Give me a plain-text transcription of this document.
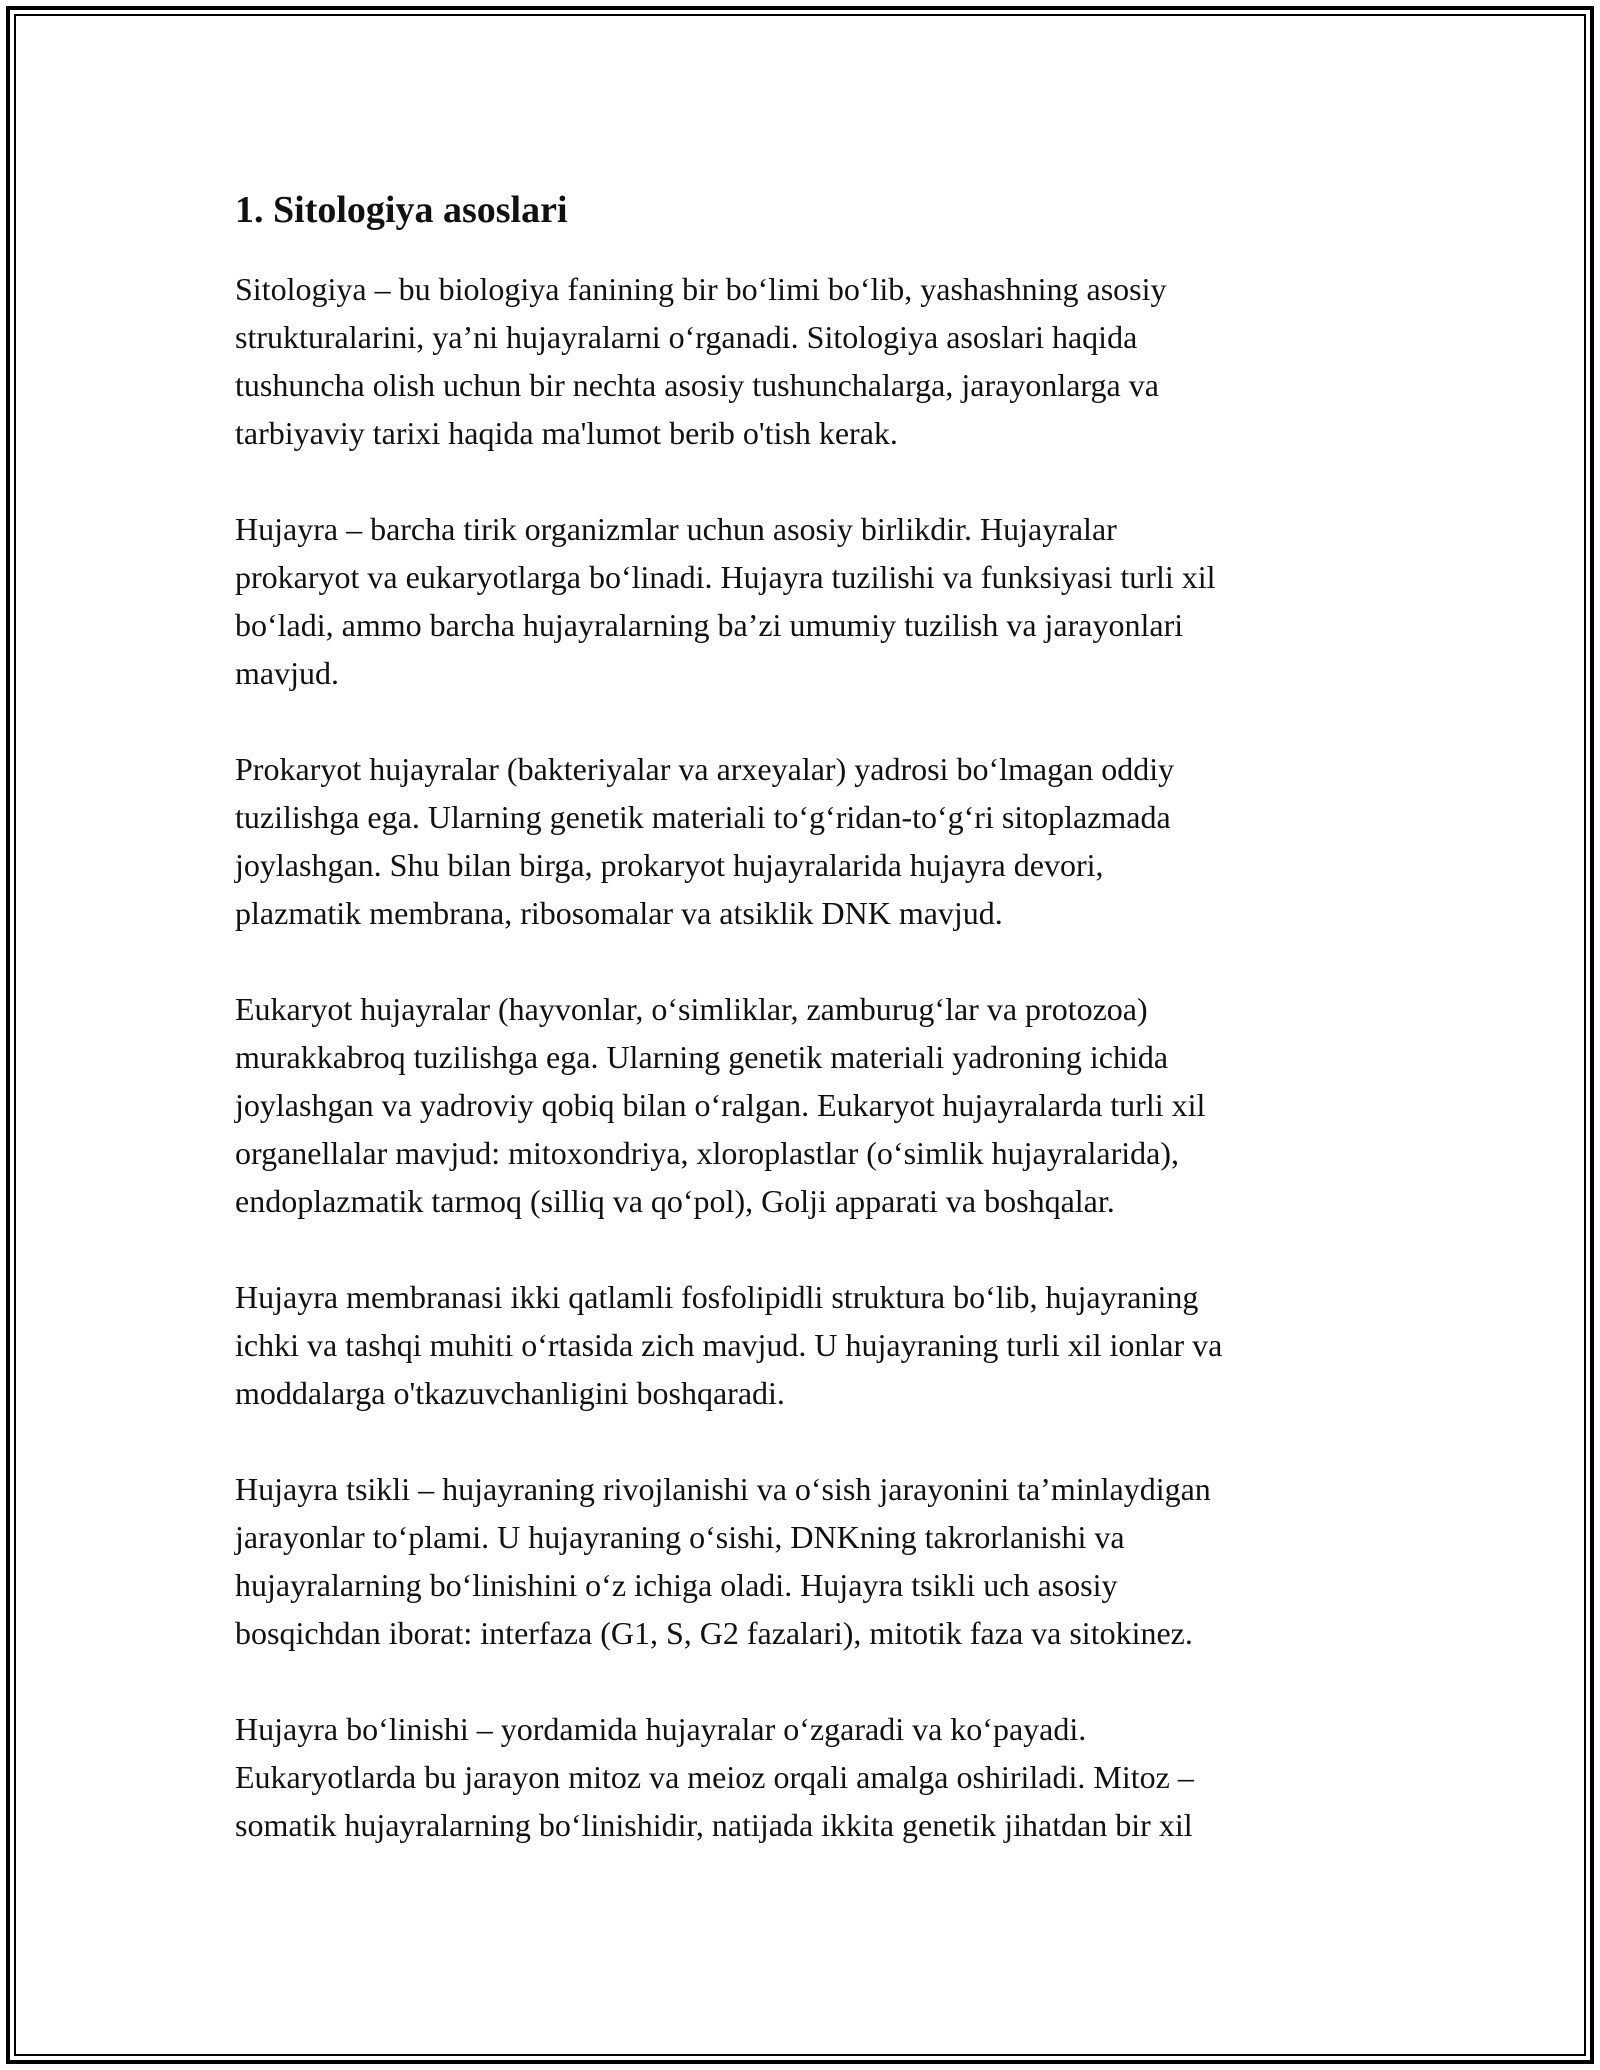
1. Sitologiya asoslari

Sitologiya – bu biologiya fanining bir bo‘limi bo‘lib, yashashning asosiy
strukturalarini, ya’ni hujayralarni o‘rganadi. Sitologiya asoslari haqida
tushuncha olish uchun bir nechta asosiy tushunchalarga, jarayonlarga va
tarbiyaviy tarixi haqida ma'lumot berib o'tish kerak.

Hujayra – barcha tirik organizmlar uchun asosiy birlikdir. Hujayralar
prokaryot va eukaryotlarga bo‘linadi. Hujayra tuzilishi va funksiyasi turli xil
bo‘ladi, ammo barcha hujayralarning ba’zi umumiy tuzilish va jarayonlari
mavjud.

Prokaryot hujayralar (bakteriyalar va arxeyalar) yadrosi bo‘lmagan oddiy
tuzilishga ega. Ularning genetik materiali to‘g‘ridan-to‘g‘ri sitoplazmada
joylashgan. Shu bilan birga, prokaryot hujayralarida hujayra devori,
plazmatik membrana, ribosomalar va atsiklik DNK mavjud.

Eukaryot hujayralar (hayvonlar, o‘simliklar, zamburug‘lar va protozoa)
murakkabroq tuzilishga ega. Ularning genetik materiali yadroning ichida
joylashgan va yadroviy qobiq bilan o‘ralgan. Eukaryot hujayralarda turli xil
organellalar mavjud: mitoxondriya, xloroplastlar (o‘simlik hujayralarida),
endoplazmatik tarmoq (silliq va qo‘pol), Golji apparati va boshqalar.

Hujayra membranasi ikki qatlamli fosfolipidli struktura bo‘lib, hujayraning
ichki va tashqi muhiti o‘rtasida zich mavjud. U hujayraning turli xil ionlar va
moddalarga o'tkazuvchanligini boshqaradi.

Hujayra tsikli – hujayraning rivojlanishi va o‘sish jarayonini ta’minlaydigan
jarayonlar to‘plami. U hujayraning o‘sishi, DNKning takrorlanishi va
hujayralarning bo‘linishini o‘z ichiga oladi. Hujayra tsikli uch asosiy
bosqichdan iborat: interfaza (G1, S, G2 fazalari), mitotik faza va sitokinez.

Hujayra bo‘linishi – yordamida hujayralar o‘zgaradi va ko‘payadi.
Eukaryotlarda bu jarayon mitoz va meioz orqali amalga oshiriladi. Mitoz –
somatik hujayralarning bo‘linishidir, natijada ikkita genetik jihatdan bir xil
